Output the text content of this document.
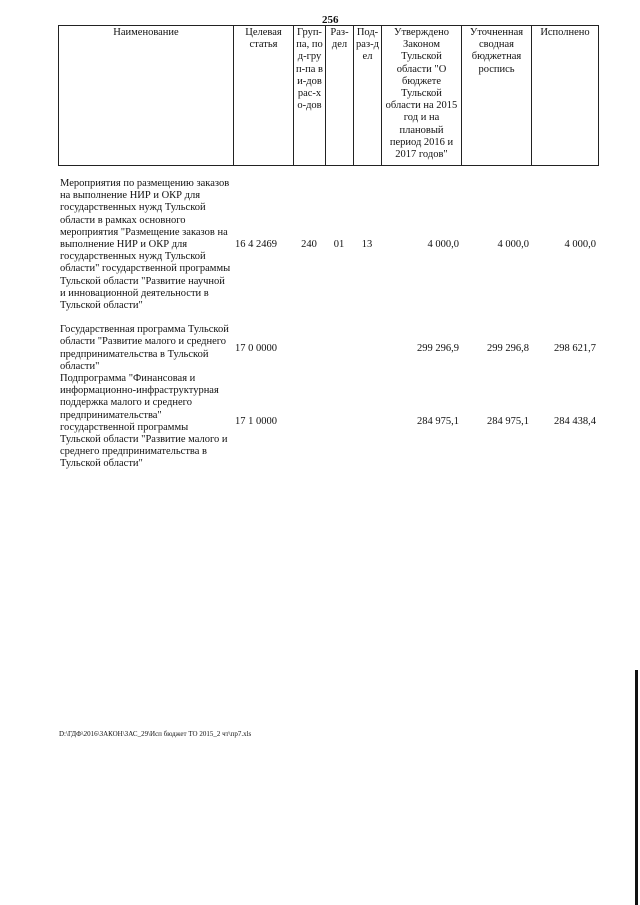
256
Наименование	Целевая статья	Груп-па, под-груп-па ви-дов рас-хо-дов	Раз-дел	Под-раз-дел	Утверждено Законом Тульской области "О бюджете Тульской области на 2015 год и на плановый период 2016 и 2017 годов"	Уточненная сводная бюджетная роспись	Исполнено
Мероприятия по размещению заказов на выполнение НИР и ОКР для государственных нужд Тульской области в рамках основного мероприятия "Размещение заказов на выполнение НИР и ОКР для государственных нужд Тульской области" государственной программы Тульской области "Развитие научной и инновационной деятельности в Тульской области"	16 4 2469	240	01	13	4 000,0	4 000,0	4 000,0

Государственная программа Тульской области "Развитие малого и среднего предпринимательства в Тульской области"	17 0 0000				299 296,9	299 296,8	298 621,7
Подпрограмма "Финансовая и информационно-инфраструктурная поддержка малого и среднего предпринимательства" государственной программы Тульской области "Развитие малого и среднего предпринимательства в Тульской области"	17 1 0000				284 975,1	284 975,1	284 438,4
D:\ГДФ\2016\ЗАКОН\ЗАС_29\Исп бюджет ТО 2015_2 чт\пр7.xls
